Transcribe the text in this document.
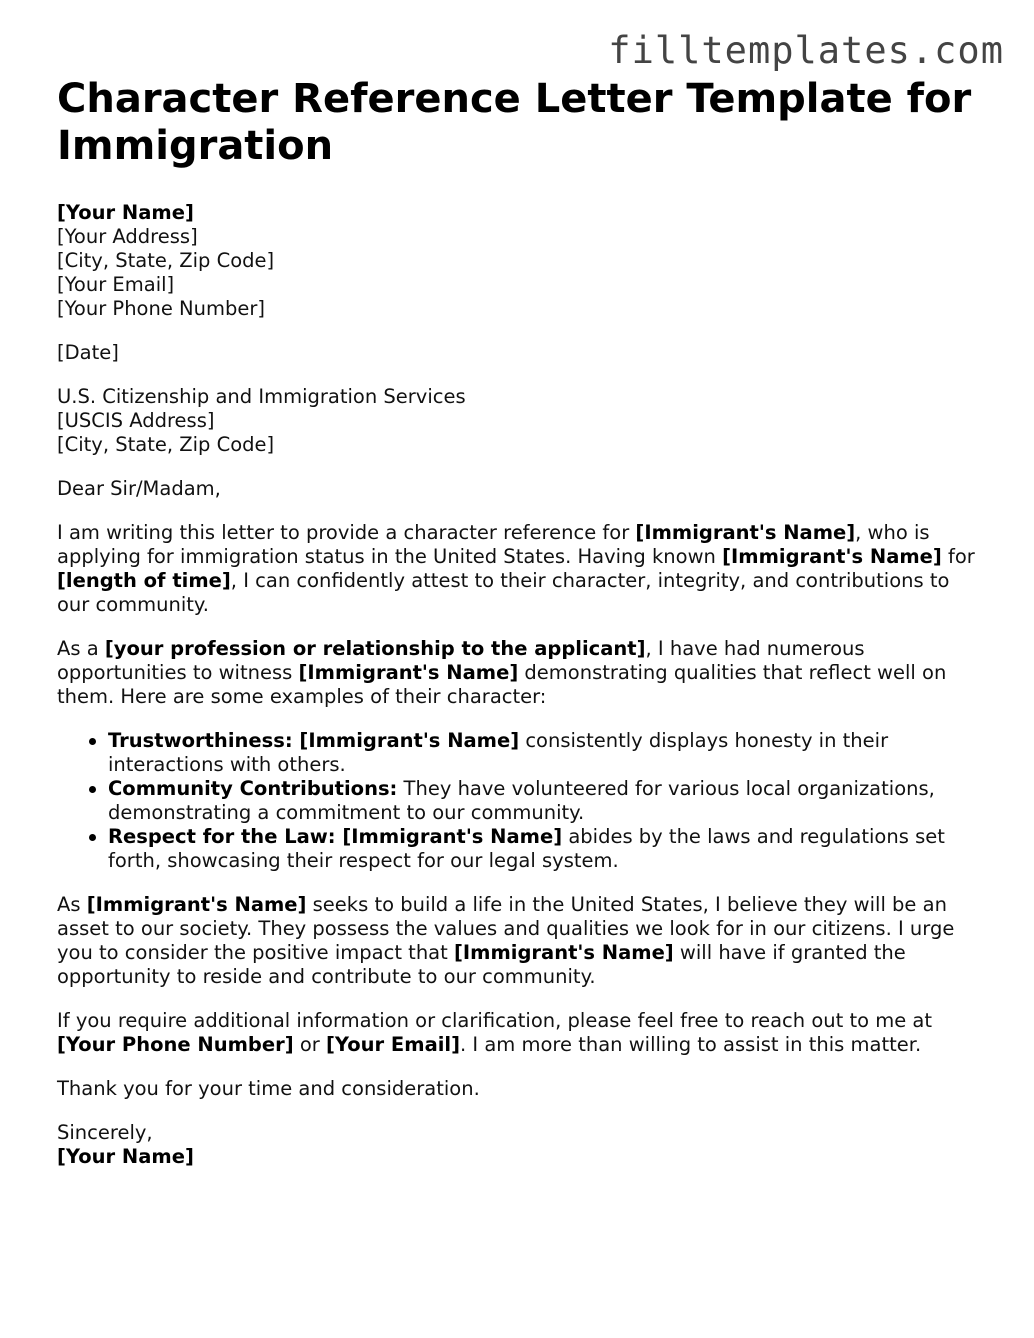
filltemplates.com
Character Reference Letter Template for Immigration
[Your Name]
[Your Address]
[City, State, Zip Code]
[Your Email]
[Your Phone Number]
[Date]
U.S. Citizenship and Immigration Services
[USCIS Address]
[City, State, Zip Code]
Dear Sir/Madam,

I am writing this letter to provide a character reference for [Immigrant's Name], who is applying for immigration status in the United States. Having known [Immigrant's Name] for [length of time], I can confidently attest to their character, integrity, and contributions to our community.

As a [your profession or relationship to the applicant], I have had numerous opportunities to witness [Immigrant's Name] demonstrating qualities that reflect well on them. Here are some examples of their character:

Trustworthiness: [Immigrant's Name] consistently displays honesty in their interactions with others.
Community Contributions: They have volunteered for various local organizations, demonstrating a commitment to our community.
Respect for the Law: [Immigrant's Name] abides by the laws and regulations set forth, showcasing their respect for our legal system.

As [Immigrant's Name] seeks to build a life in the United States, I believe they will be an asset to our society. They possess the values and qualities we look for in our citizens. I urge you to consider the positive impact that [Immigrant's Name] will have if granted the opportunity to reside and contribute to our community.

If you require additional information or clarification, please feel free to reach out to me at [Your Phone Number] or [Your Email]. I am more than willing to assist in this matter.

Thank you for your time and consideration.

Sincerely,
[Your Name]
